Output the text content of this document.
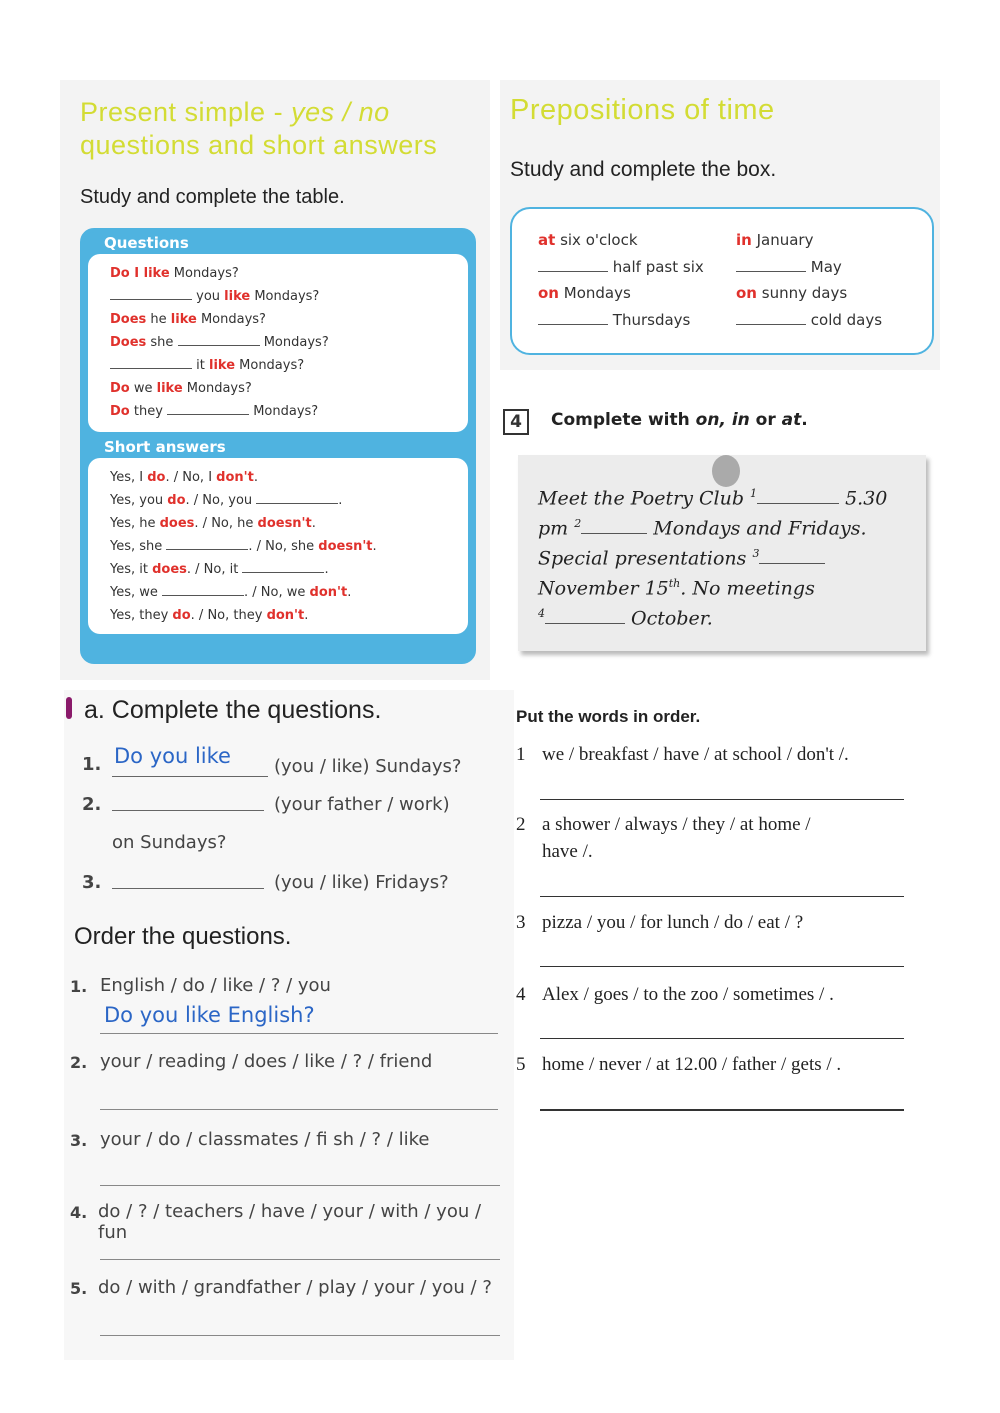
Present simple - yes / no
questions and short answers
Study and complete the table.
Questions
Do I like Mondays?
you like Mondays?
Does he like Mondays?
Does she	Mondays?
it like Mondays?
Do we like Mondays?
Do they	Mondays?
Short answers
Yes, I do. / No, I don't.
Yes, you do. / No, you	.
Yes, he does. / No, he doesn't.
Yes, she	. / No, she doesn't.
Yes, it does. / No, it	.
Yes, we	. / No, we don't.
Yes, they do. / No, they don't.
Prepositions of time
Study and complete the box.
at six o'clock	in January
half past six	May
on Mondays	on sunny days
Thursdays	cold days
4	Complete with on, in or at.
Meet the Poetry Club $^1$	5.30
pm $^2$	Mondays and Fridays.
Special presentations $^3$
November 15th. No meetings
$^4$	October.
a. Complete the questions.
1. Do you like (you / like) Sundays?
2.	(your father / work)
on Sundays?
3.	(you / like) Fridays?
Order the questions.
1. English / do / like / ? / you
Do you like English?
2. your / reading / does / like / ? / friend
3. your / do / classmates / fi sh / ? / like
4. do / ? / teachers / have / your / with / you / fun
5. do / with / grandfather / play / your / you / ?
Put the words in order.
1 we / breakfast / have / at school / don't /.
2 a shower / always / they / at home /
have /.
3 pizza / you / for lunch / do / eat / ?
4 Alex / goes / to the zoo / sometimes / .
5 home / never / at 12.00 / father / gets / .
